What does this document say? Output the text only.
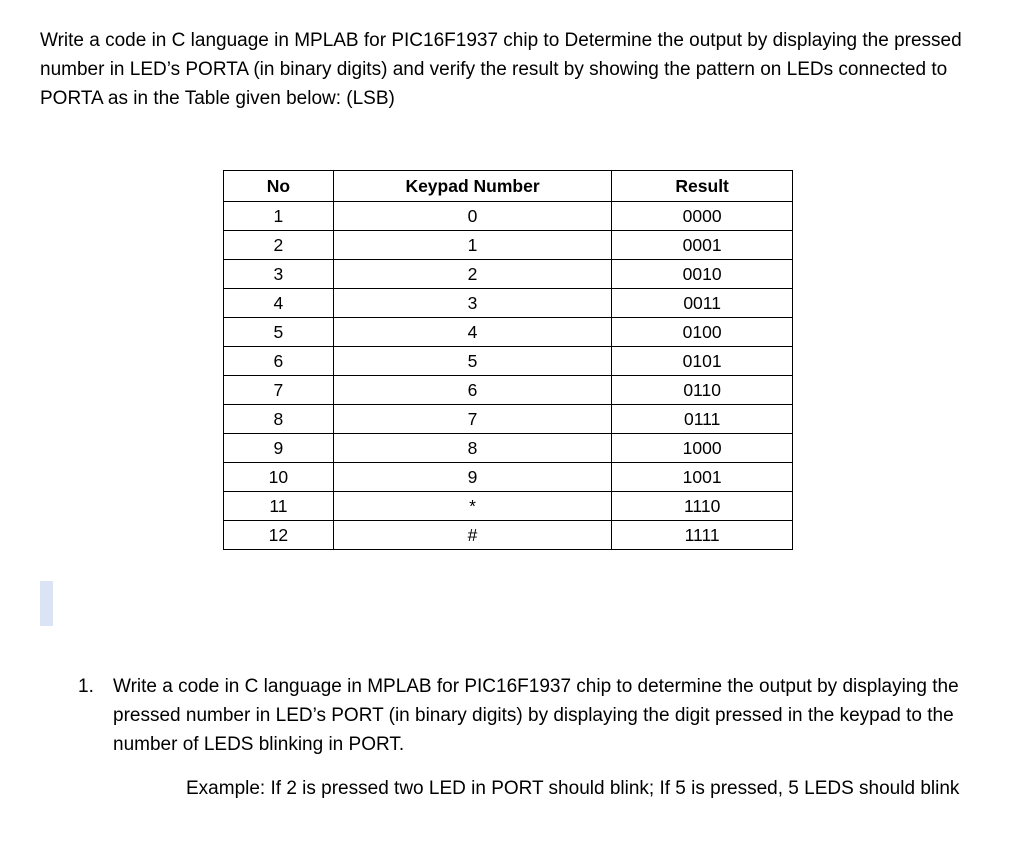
Write a code in C language in MPLAB for PIC16F1937 chip to Determine the output by displaying the pressed number in LED’s PORTA (in binary digits) and verify the result by showing the pattern on LEDs connected to PORTA as in the Table given below: (LSB)

No	Keypad Number	Result
1	0	0000
2	1	0001
3	2	0010
4	3	0011
5	4	0100
6	5	0101
7	6	0110
8	7	0111
9	8	1000
10	9	1001
11	*	1110
12	#	1111
1. Write a code in C language in MPLAB for PIC16F1937 chip to determine the output by displaying the pressed number in LED’s PORT (in binary digits) by displaying the digit pressed in the keypad to the number of LEDS blinking in PORT.
Example: If 2 is pressed two LED in PORT should blink; If 5 is pressed, 5 LEDS should blink
